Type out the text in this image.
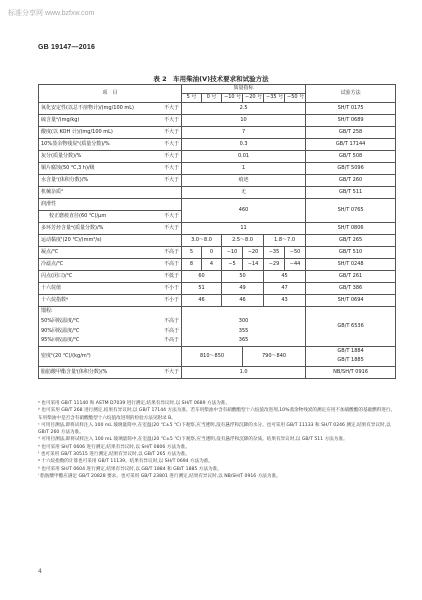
标准分享网 www.bzfxw.com
GB 19147—2016
表 2　车用柴油(Ⅴ)技术要求和试验方法
项　目		质量指标						试验方法
		5 号	0 号	−10 号	−20 号	−35 号	−50 号	
氧化安定性(以总不溶物计)/(mg/100 mL)	不大于	2.5						SH/T 0175
硫含量ᵃ/(mg/kg)	不大于	10						SH/T 0689
酸度(以 KOH 计)/(mg/100 mL)	不大于	7						GB/T 258
10%蒸余物残炭ᵇ(质量分数)/%	不大于	0.3						GB/T 17144
灰分(质量分数)/%	不大于	0.01						GB/T 508
铜片腐蚀(50 ℃,3 h)/级	不大于	1						GB/T 5096
水含量ᶜ(体积分数)/%	不大于	痕迹						GB/T 260
机械杂质ᵈ		无						GB/T 511
润滑性		460						SH/T 0765
校正磨痕直径(60 ℃)/μm	不大于							
多环芳烃含量ᵉ(质量分数)/%	不大于	11						SH/T 0806
运动黏度ᶠ(20 ℃)/(mm²/s)		3.0～8.0		2.5～8.0		1.8～7.0		GB/T 265
凝点/℃	不高于	5	0	−10	−20	−35	−50	GB/T 510
冷滤点/℃	不高于	8	4	−5	−14	−29	−44	SH/T 0248
闪点(闭口)/℃	不低于	60		50		45		GB/T 261
十六烷值	不小于	51		49		47		GB/T 386
十六烷指数ᵍ	不小于	46		46		43		SH/T 0694
馏程:								GB/T 6536
50%回收温度/℃	不高于	300						
90%回收温度/℃	不高于	355						
95%回收温度/℃	不高于	365						
密度ʰ(20 ℃)/(kg/m³)		810～850			790～840			GB/T 1884
								GB/T 1885
脂肪酸甲酯含量ⁱ(体积分数)/%	不大于	1.0						NB/SH/T 0916

ᵃ 也可采用 GB/T 11140 和 ASTM D7039 进行测定,结果有异议时,以 SH/T 0689 方法为准。

ᵇ 也可采用 GB/T 268 进行测定,结果有异议时,以 GB/T 17144 方法为准。若车用柴油中含有硝酸酯型十六烷值改进剂,10%蒸余物残炭的测定应用不加硝酸酯的基础燃料进行。车用柴油中是否含有硝酸酯型十六烷值改进剂的检验方法见附录 B。

ᶜ 可用目测法,即将试样注入 100 mL 玻璃量筒中,在室温(20 ℃±5 ℃)下观察,应当透明,没有悬浮和沉降的水分。也可采用 GB/T 11133 和 SH/T 0246 测定,结果有异议时,以 GB/T 260 方法为准。

ᵈ 可用目测法,即将试样注入 100 mL 玻璃量筒中,在室温(20 ℃±5 ℃)下观察,应当透明,没有悬浮和沉降的杂质。结果有异议时,以 GB/T 511 方法为准。

ᵉ 也可采用 SH/T 0606 进行测定,结果有异议时,以 SH/T 0806 方法为准。

ᶠ 也可采用 GB/T 30515 进行测定,结果有异议时,以 GB/T 265 方法为准。

ᵍ 十六烷指数的计算也可采用 GB/T 11139。结果有异议时,以 SH/T 0694 方法为准。

ʰ 也可采用 SH/T 0604 进行测定,结果有异议时,以 GB/T 1884 和 GB/T 1885 方法为准。

ⁱ 脂肪酸甲酯应满足 GB/T 20828 要求。也可采用 GB/T 23801 进行测定,结果有异议时,以 NB/SH/T 0916 方法为准。

4
